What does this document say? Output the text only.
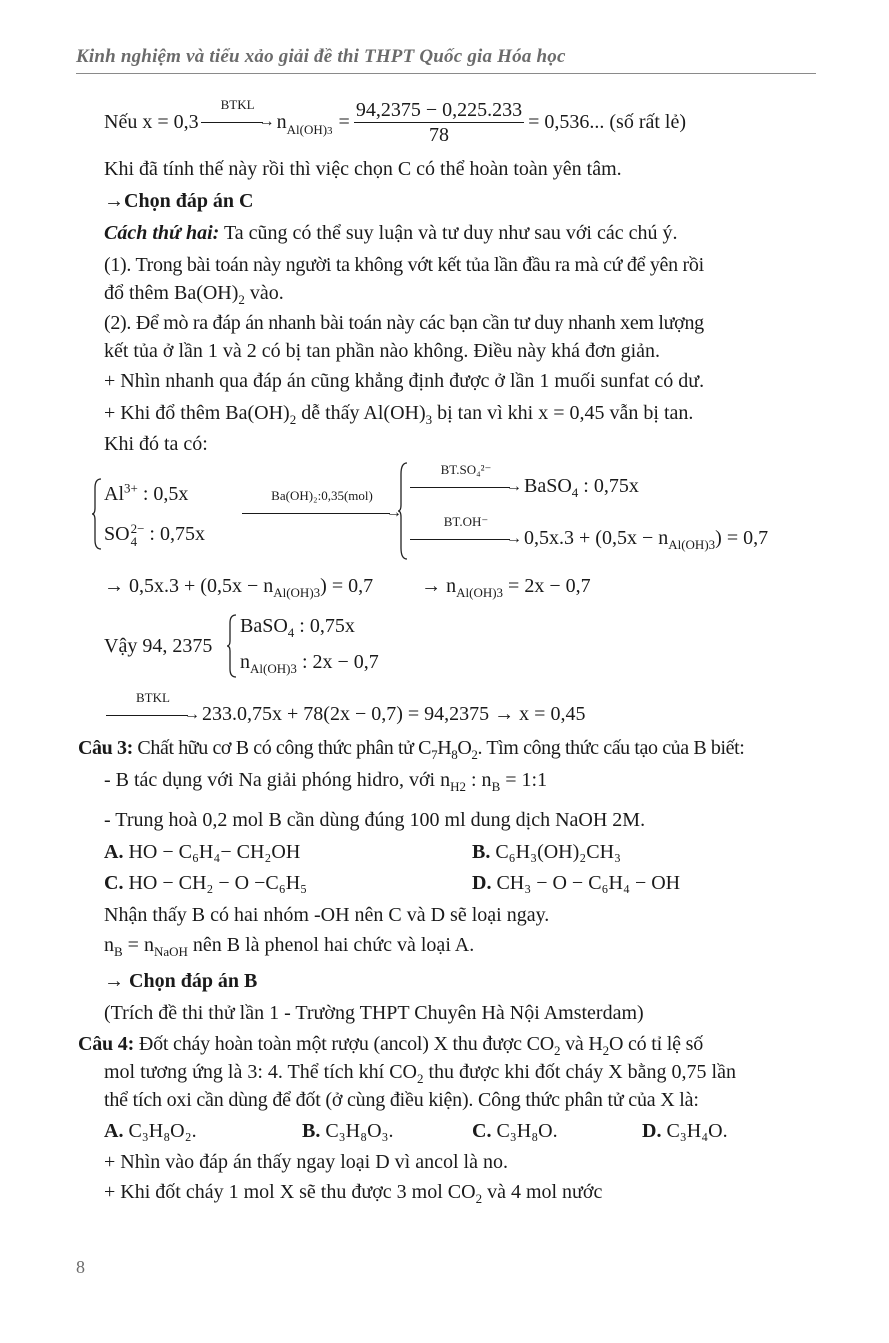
Kinh nghiệm và tiểu xảo giải đề thi THPT Quốc gia Hóa học
Nếu x = 0,3
BTKL
→ n $_{Al(OH)3} = \frac{94,2375 - 0,225.233}{78} = 0,536$... (số rất lẻ)
Khi đã tính thế này rồi thì việc chọn C có thể hoàn toàn yên tâm.
→Chọn đáp án C
Cách thứ hai: Ta cũng có thể suy luận và tư duy như sau với các chú ý.
(1). Trong bài toán này người ta không vớt kết tủa lần đầu ra mà cứ để yên rồi
đổ thêm $Ba(OH)_2$ vào.
(2). Để mò ra đáp án nhanh bài toán này các bạn cần tư duy nhanh xem lượng
kết tủa ở lần 1 và 2 có bị tan phần nào không. Điều này khá đơn giản.
+ Nhìn nhanh qua đáp án cũng khẳng định được ở lần 1 muối sunfat có dư.
+ Khi đổ thêm $Ba(OH)_2$ dễ thấy $Al(OH)_3$ bị tan vì khi x = 0,45 vẫn bị tan.
Khi đó ta có:
$Al^{3+}$ : 0,5x
SO 2−
4 : 0,75x
Ba(OH)₂:0,35(mol)
→
BT.SO₄²⁻
→ BaSO$_4$ : 0,75x
BT.OH⁻
→ $0,5x.3 + (0,5x - n_{Al(OH)3}) = 0,7$
→ $0,5x.3 + (0,5x - n_{Al(OH)3}) = 0,7 \to n_{Al(OH)3} = 2x - 0,7$
Vậy 94, 2375
BaSO$_4$ : 0,75x
$n_{Al(OH)3}$ : 2x − 0,7
BTKL
→ 233.0,75x + 78(2x − 0,7) = 94,2375 → x = 0,45
Câu 3: Chất hữu cơ B có công thức phân tử $C_7H_8O_2$. Tìm công thức cấu tạo của B biết:
- B tác dụng với Na giải phóng hidro, với $n_{H2}$ : $n_B$ = 1:1
- Trung hoà 0,2 mol B cần dùng đúng 100 ml dung dịch NaOH 2M.
A. HO − C₆H₄− CH₂OH	B. C₆H₃(OH)₂CH₃
C. HO − CH₂ − O −C₆H₅	D. CH₃ − O − C₆H₄ − OH
Nhận thấy B có hai nhóm -OH nên C và D sẽ loại ngay.
$n_B = n_{NaOH}$ nên B là phenol hai chức và loại A.
→ Chọn đáp án B
(Trích đề thi thử lần 1 - Trường THPT Chuyên Hà Nội Amsterdam)
Câu 4: Đốt cháy hoàn toàn một rượu (ancol) X thu được $CO_2$ và $H_2O$ có tỉ lệ số
mol tương ứng là 3: 4. Thể tích khí $CO_2$ thu được khi đốt cháy X bằng 0,75 lần
thể tích oxi cần dùng để đốt (ở cùng điều kiện). Công thức phân tử của X là:
A. C₃H₈O₂.	B. C₃H₈O₃.	C. C₃H₈O.	D. C₃H₄O.
+ Nhìn vào đáp án thấy ngay loại D vì ancol là no.
+ Khi đốt cháy 1 mol X sẽ thu được 3 mol $CO_2$ và 4 mol nước
8
